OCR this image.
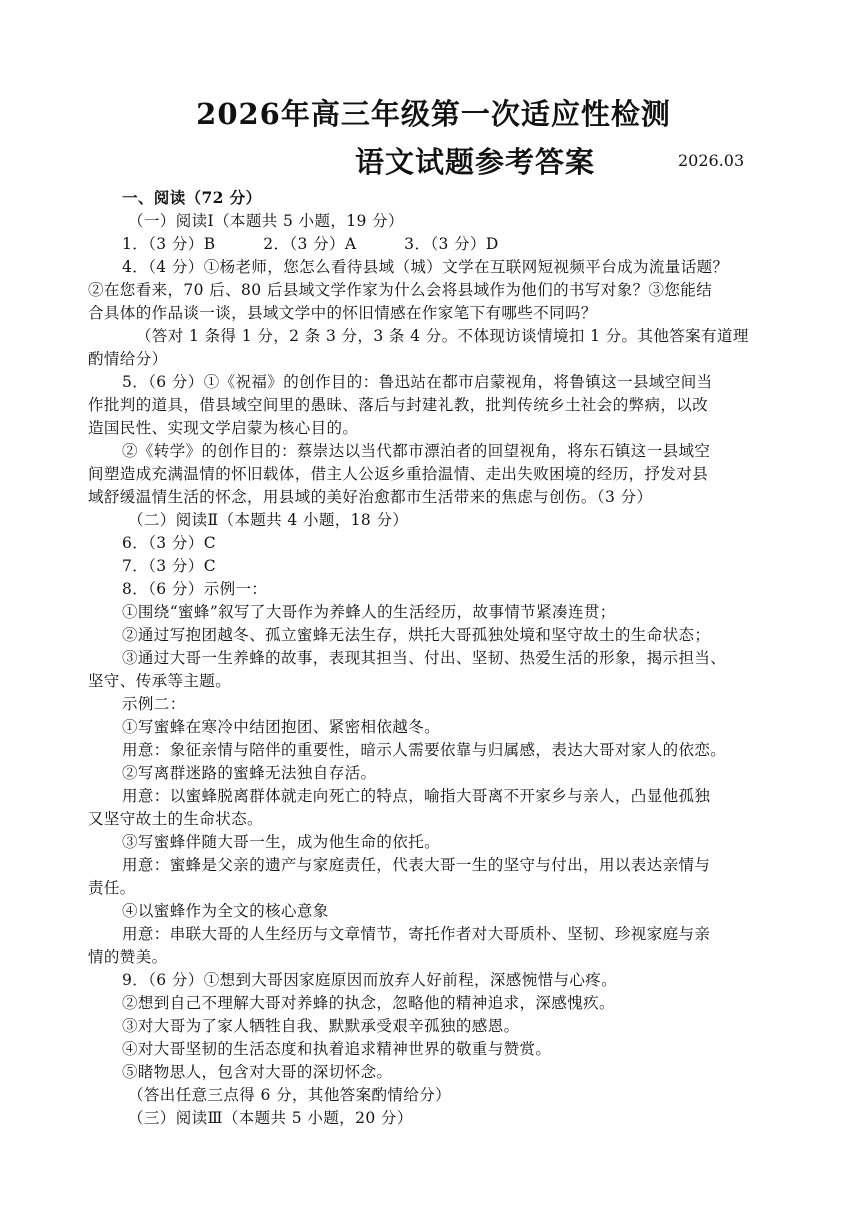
2026年高三年级第一次适应性检测
语文试题参考答案	2026.03
一、阅读（72 分）
（一）阅读Ⅰ（本题共 5 小题，19 分）
1．（3 分）B　　　2．（3 分）A　　　3．（3 分）D
4．（4 分）①杨老师，您怎么看待县域（城）文学在互联网短视频平台成为流量话题？
②在您看来，70 后、80 后县域文学作家为什么会将县域作为他们的书写对象？③您能结
合具体的作品谈一谈，县域文学中的怀旧情感在作家笔下有哪些不同吗？
（答对 1 条得 1 分，2 条 3 分，3 条 4 分。不体现访谈情境扣 1 分。其他答案有道理
酌情给分）
5．（6 分）①《祝福》的创作目的：鲁迅站在都市启蒙视角，将鲁镇这一县域空间当
作批判的道具，借县域空间里的愚昧、落后与封建礼教，批判传统乡土社会的弊病，以改
造国民性、实现文学启蒙为核心目的。
②《转学》的创作目的：蔡崇达以当代都市漂泊者的回望视角，将东石镇这一县域空
间塑造成充满温情的怀旧载体，借主人公返乡重拾温情、走出失败困境的经历，抒发对县
域舒缓温情生活的怀念，用县域的美好治愈都市生活带来的焦虑与创伤。（3 分）
（二）阅读Ⅱ（本题共 4 小题，18 分）
6．（3 分）C
7．（3 分）C
8．（6 分）示例一：
①围绕“蜜蜂”叙写了大哥作为养蜂人的生活经历，故事情节紧凑连贯；
②通过写抱团越冬、孤立蜜蜂无法生存，烘托大哥孤独处境和坚守故土的生命状态；
③通过大哥一生养蜂的故事，表现其担当、付出、坚韧、热爱生活的形象，揭示担当、
坚守、传承等主题。
示例二：
①写蜜蜂在寒冷中结团抱团、紧密相依越冬。
用意：象征亲情与陪伴的重要性，暗示人需要依靠与归属感，表达大哥对家人的依恋。
②写离群迷路的蜜蜂无法独自存活。
用意：以蜜蜂脱离群体就走向死亡的特点，喻指大哥离不开家乡与亲人，凸显他孤独
又坚守故土的生命状态。
③写蜜蜂伴随大哥一生，成为他生命的依托。
用意：蜜蜂是父亲的遗产与家庭责任，代表大哥一生的坚守与付出，用以表达亲情与
责任。
④以蜜蜂作为全文的核心意象
用意：串联大哥的人生经历与文章情节，寄托作者对大哥质朴、坚韧、珍视家庭与亲
情的赞美。
9．（6 分）①想到大哥因家庭原因而放弃人好前程，深感惋惜与心疼。
②想到自己不理解大哥对养蜂的执念，忽略他的精神追求，深感愧疚。
③对大哥为了家人牺牲自我、默默承受艰辛孤独的感恩。
④对大哥坚韧的生活态度和执着追求精神世界的敬重与赞赏。
⑤睹物思人，包含对大哥的深切怀念。
（答出任意三点得 6 分，其他答案酌情给分）
（三）阅读Ⅲ（本题共 5 小题，20 分）
